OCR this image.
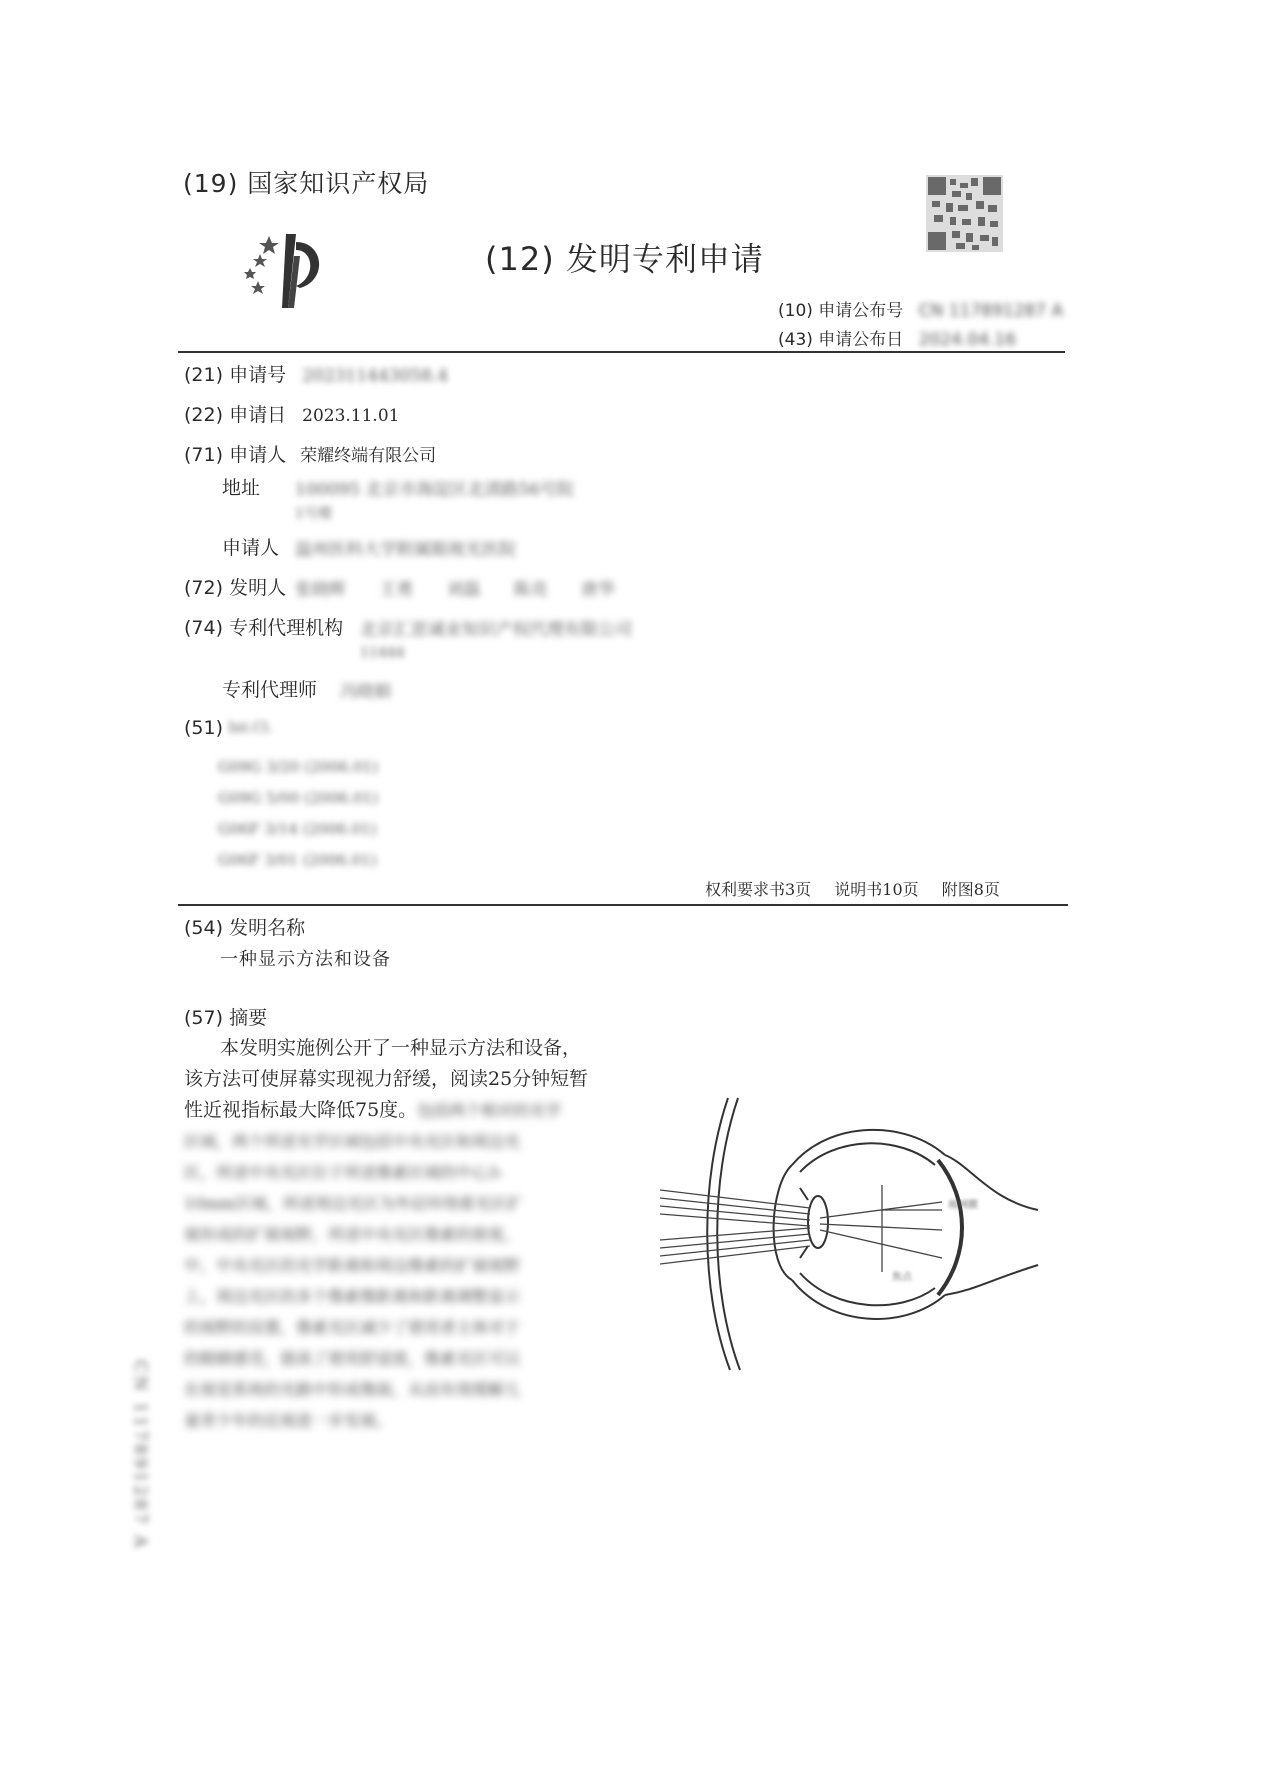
(19) 国家知识产权局
(12) 发明专利申请
(10) 申请公布号 CN 117891287 A
(43) 申请公布日 2024.04.16
(21) 申请号 202311443058.4
(22) 申请日 2023.11.01
(71) 申请人 荣耀终端有限公司
地址 100095 北京市海淀区北清路56号院
1号楼
申请人 温州医科大学附属眼视光医院
(72) 发明人 张晓晖 王勇 刘磊 陈亮 唐华
(74) 专利代理机构 北京汇思诚业知识产权代理有限公司
11444
专利代理师 冯晓娟
(51) Int.Cl.
G09G 3/20 (2006.01)
G09G 5/00 (2006.01)
G06F 3/14 (2006.01)
G06F 3/01 (2006.01)
权利要求书3页 说明书10页 附图8页
(54) 发明名称
一种显示方法和设备
(57) 摘要
本发明实施例公开了一种显示方法和设备，
该方法可使屏幕实现视力舒缓，阅读25分钟短暂
性近视指标最大降低75度。包括两个相对的光学
区域，两个所述光学区域包括中央光区和周边光
区，所述中央光区位于所述像素区域的中心3-
10mm区域，所述周边光区为外层环绕着光区扩
展形成的扩展视野，所述中央光区像素的密度，
中，中央光区的光学距离和周边像素的扩展视野
上，周边光区的多个像素像距离和距离调整显示
的视野的设置，像素光区减少了使用者主体对于
的眼睛感受，提高了使用舒适度，像素光区可以
在视觉系统的光路中形成像面，从而有效缓解儿
童青少年的近视进一步发展。
视网膜
焦点
CN 117891287 A
